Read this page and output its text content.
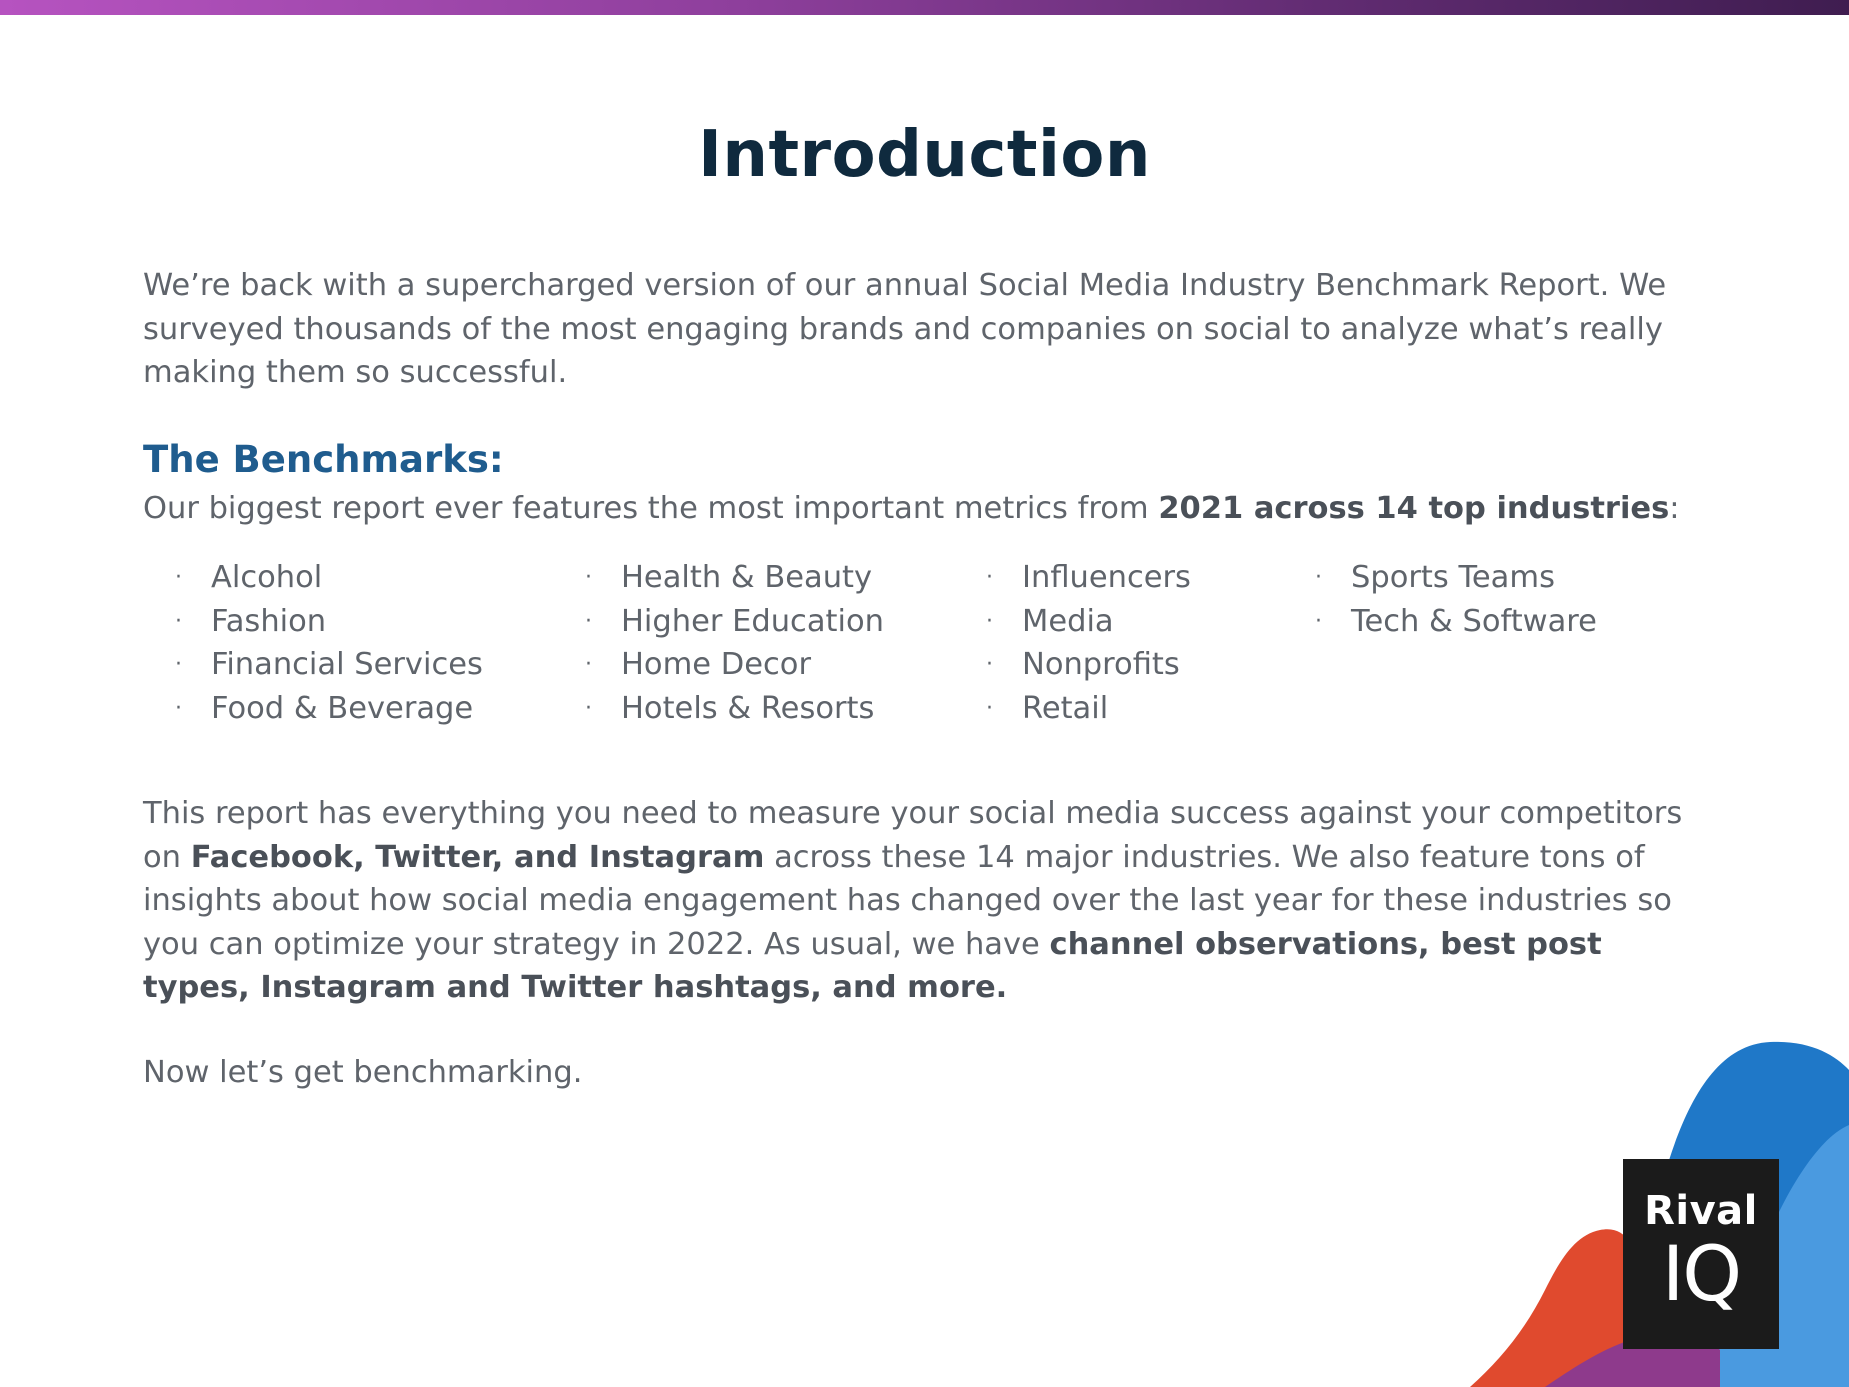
Introduction

We’re back with a supercharged version of our annual Social Media Industry Benchmark Report. We surveyed thousands of the most engaging brands and companies on social to analyze what’s really making them so successful.

The Benchmarks:

Our biggest report ever features the most important metrics from 2021 across 14 top industries:

· Alcohol
· Fashion
· Financial Services
· Food & Beverage
· Health & Beauty
· Higher Education
· Home Decor
· Hotels & Resorts
· Influencers
· Media
· Nonprofits
· Retail
· Sports Teams
· Tech & Software

This report has everything you need to measure your social media success against your competitors on Facebook, Twitter, and Instagram across these 14 major industries. We also feature tons of insights about how social media engagement has changed over the last year for these industries so you can optimize your strategy in 2022. As usual, we have channel observations, best post types, Instagram and Twitter hashtags, and more.

Now let’s get benchmarking.

Rival
IQ
